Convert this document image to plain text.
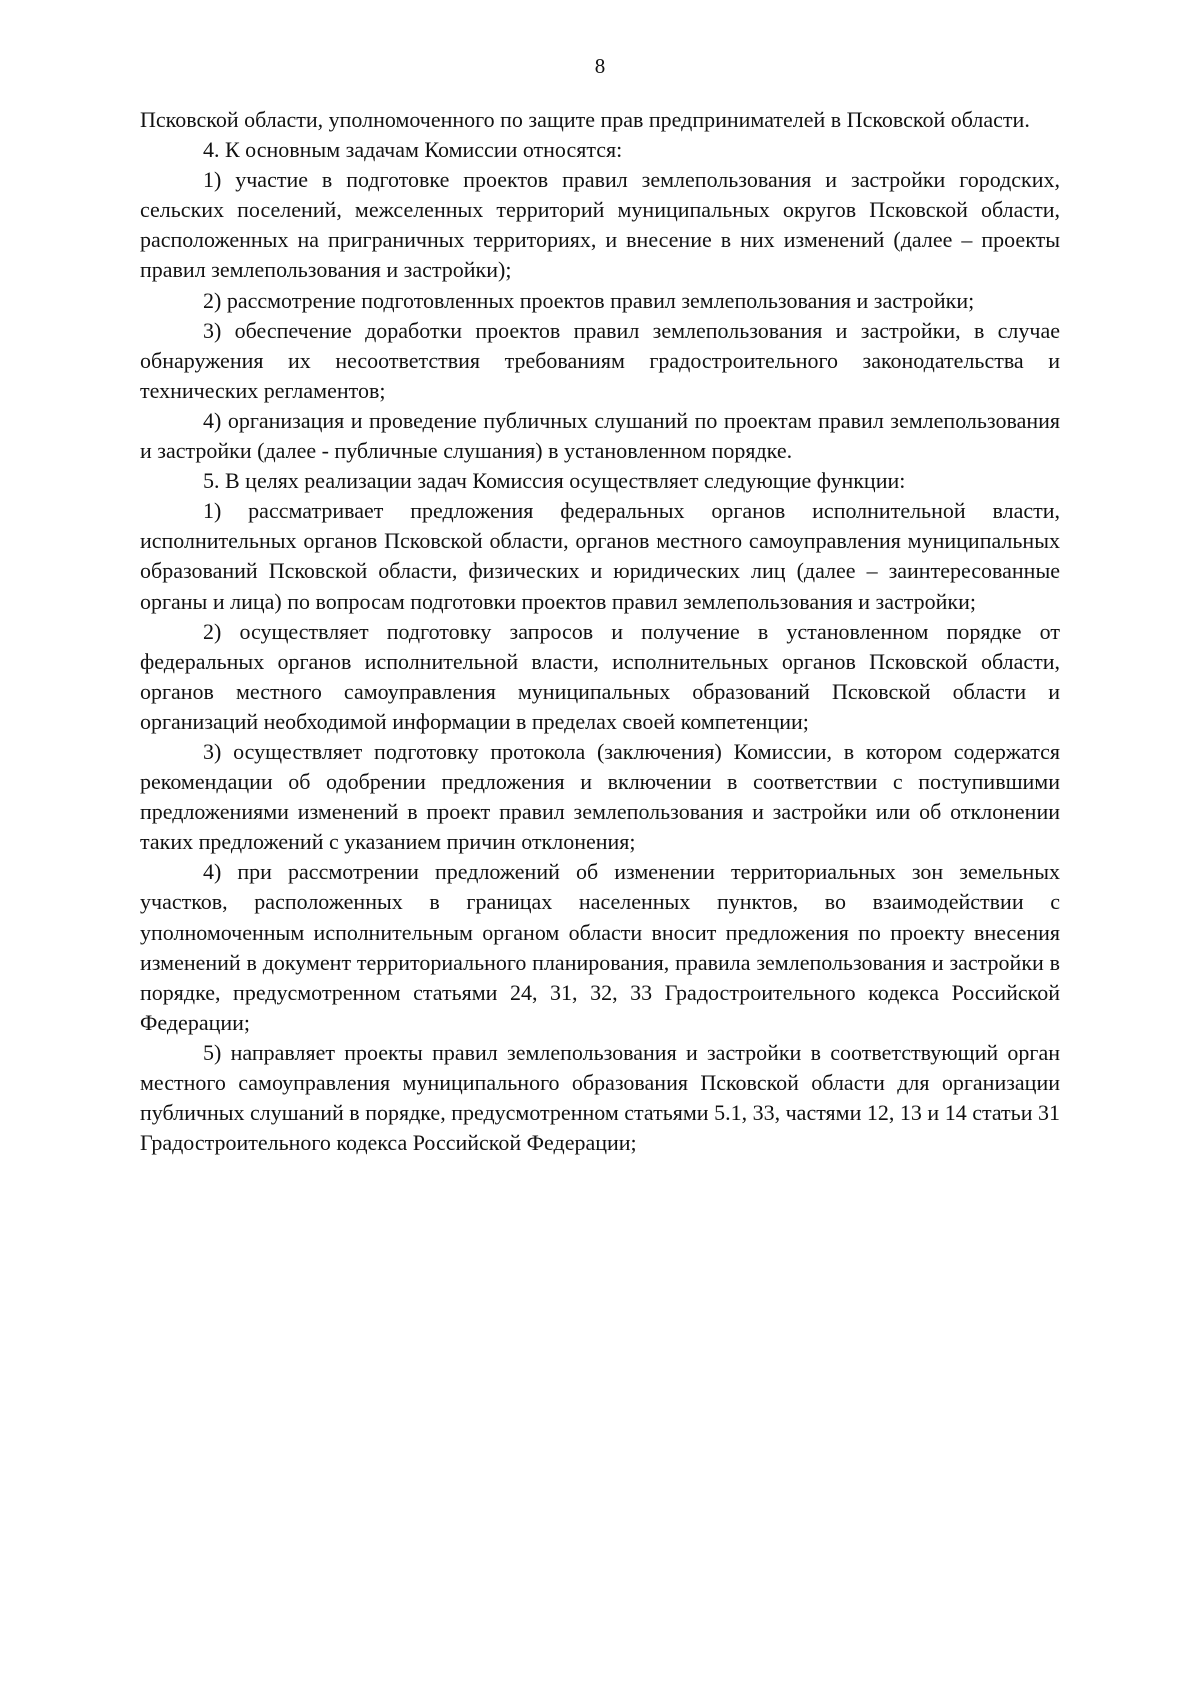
8

Псковской области, уполномоченного по защите прав предпринимателей в Псковской области.

4. К основным задачам Комиссии относятся:

1) участие в подготовке проектов правил землепользования и застройки городских, сельских поселений, межселенных территорий муниципальных округов Псковской области, расположенных на приграничных территориях, и внесение в них изменений (далее – проекты правил землепользования и застройки);

2) рассмотрение подготовленных проектов правил землепользования и застройки;

3) обеспечение доработки проектов правил землепользования и застройки, в случае обнаружения их несоответствия требованиям градостроительного законодательства и технических регламентов;

4) организация и проведение публичных слушаний по проектам правил землепользования и застройки (далее - публичные слушания) в установленном порядке.

5. В целях реализации задач Комиссия осуществляет следующие функции:

1) рассматривает предложения федеральных органов исполнительной власти, исполнительных органов Псковской области, органов местного самоуправления муниципальных образований Псковской области, физических и юридических лиц (далее – заинтересованные органы и лица) по вопросам подготовки проектов правил землепользования и застройки;

2) осуществляет подготовку запросов и получение в установленном порядке от федеральных органов исполнительной власти, исполнительных органов Псковской области, органов местного самоуправления муниципальных образований Псковской области и организаций необходимой информации в пределах своей компетенции;

3) осуществляет подготовку протокола (заключения) Комиссии, в котором содержатся рекомендации об одобрении предложения и включении в соответствии с поступившими предложениями изменений в проект правил землепользования и застройки или об отклонении таких предложений с указанием причин отклонения;

4) при рассмотрении предложений об изменении территориальных зон земельных участков, расположенных в границах населенных пунктов, во взаимодействии с уполномоченным исполнительным органом области вносит предложения по проекту внесения изменений в документ территориального планирования, правила землепользования и застройки в порядке, предусмотренном статьями 24, 31, 32, 33 Градостроительного кодекса Российской Федерации;

5) направляет проекты правил землепользования и застройки в соответствующий орган местного самоуправления муниципального образования Псковской области для организации публичных слушаний в порядке, предусмотренном статьями 5.1, 33, частями 12, 13 и 14 статьи 31 Градостроительного кодекса Российской Федерации;
